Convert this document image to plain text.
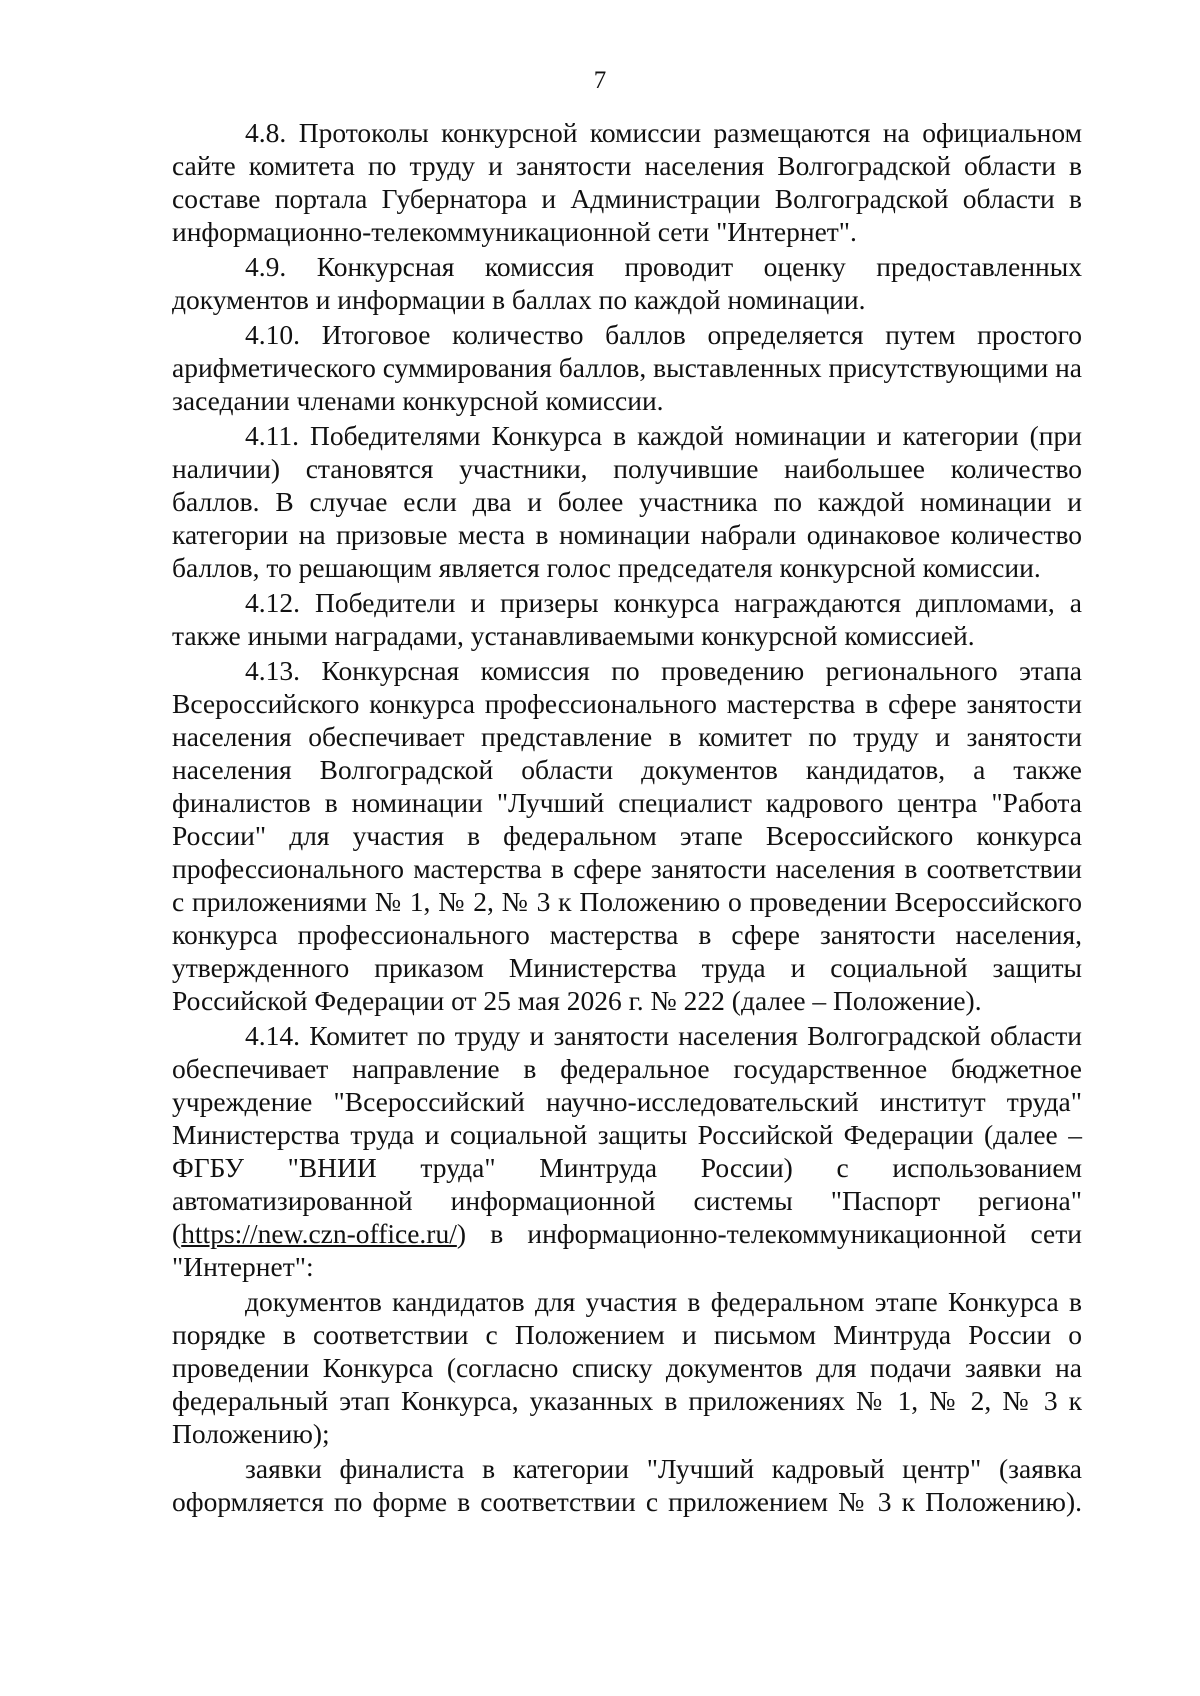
7

4.8. Протоколы конкурсной комиссии размещаются на официальном сайте комитета по труду и занятости населения Волгоградской области в составе портала Губернатора и Администрации Волгоградской области в информационно-телекоммуникационной сети "Интернет".

4.9. Конкурсная комиссия проводит оценку предоставленных документов и информации в баллах по каждой номинации.

4.10. Итоговое количество баллов определяется путем простого арифметического суммирования баллов, выставленных присутствующими на заседании членами конкурсной комиссии.

4.11. Победителями Конкурса в каждой номинации и категории (при наличии) становятся участники, получившие наибольшее количество баллов. В случае если два и более участника по каждой номинации и категории на призовые места в номинации набрали одинаковое количество баллов, то решающим является голос председателя конкурсной комиссии.

4.12. Победители и призеры конкурса награждаются дипломами, а также иными наградами, устанавливаемыми конкурсной комиссией.

4.13. Конкурсная комиссия по проведению регионального этапа Всероссийского конкурса профессионального мастерства в сфере занятости населения обеспечивает представление в комитет по труду и занятости населения Волгоградской области документов кандидатов, а также финалистов в номинации "Лучший специалист кадрового центра "Работа России" для участия в федеральном этапе Всероссийского конкурса профессионального мастерства в сфере занятости населения в соответствии с приложениями № 1, № 2, № 3 к Положению о проведении Всероссийского конкурса профессионального мастерства в сфере занятости населения, утвержденного приказом Министерства труда и социальной защиты Российской Федерации от 25 мая 2026 г. № 222 (далее – Положение).

4.14. Комитет по труду и занятости населения Волгоградской области обеспечивает направление в федеральное государственное бюджетное учреждение "Всероссийский научно-исследовательский институт труда" Министерства труда и социальной защиты Российской Федерации (далее – ФГБУ "ВНИИ труда" Минтруда России) с использованием автоматизированной информационной системы "Паспорт региона" (https://new.czn-office.ru/) в информационно-телекоммуникационной сети "Интернет":

документов кандидатов для участия в федеральном этапе Конкурса в порядке в соответствии с Положением и письмом Минтруда России о проведении Конкурса (согласно списку документов для подачи заявки на федеральный этап Конкурса, указанных в приложениях № 1, № 2, № 3 к Положению);

заявки финалиста в категории "Лучший кадровый центр" (заявка оформляется по форме в соответствии с приложением № 3 к Положению).
